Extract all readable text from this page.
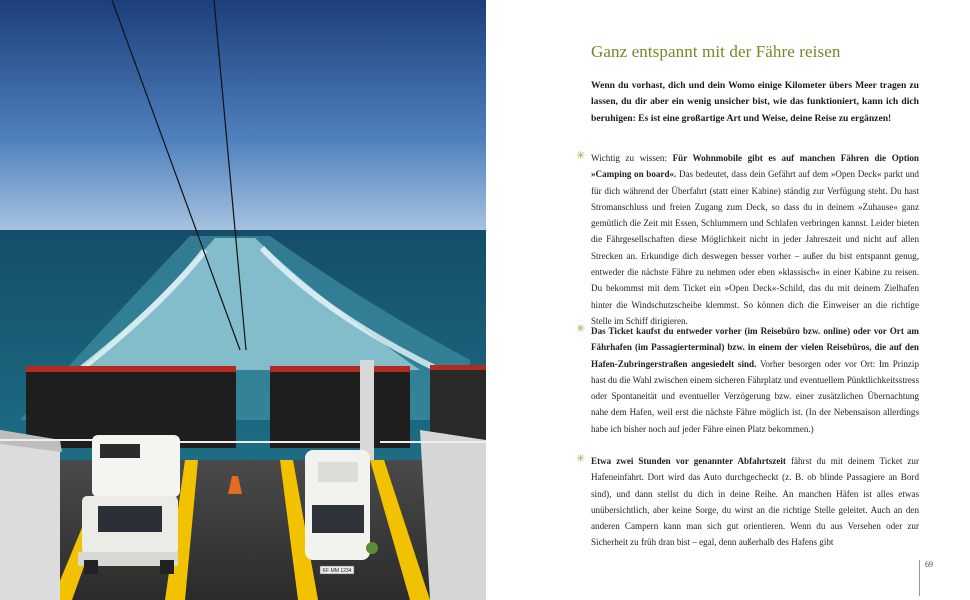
KF·MM 1234
Ganz entspannt mit der Fähre reisen
Wenn du vorhast, dich und dein Womo einige Kilometer übers Meer tragen zu lassen, du dir aber ein wenig unsicher bist, wie das funktioniert, kann ich dich beruhigen: Es ist eine großartige Art und Weise, deine Reise zu ergänzen!
✳ Wichtig zu wissen: Für Wohnmobile gibt es auf manchen Fähren die Option »Camping on board«. Das bedeutet, dass dein Gefährt auf dem »Open Deck« parkt und für dich während der Überfahrt (statt einer Kabine) ständig zur Verfügung steht. Du hast Stromanschluss und freien Zugang zum Deck, so dass du in deinem »Zuhause« ganz gemütlich die Zeit mit Essen, Schlummern und Schlafen verbringen kannst. Leider bieten die Fährgesellschaften diese Möglichkeit nicht in jeder Jahreszeit und nicht auf allen Strecken an. Erkundige dich deswegen besser vorher – außer du bist entspannt genug, entweder die nächste Fähre zu nehmen oder eben »klassisch« in einer Kabine zu reisen. Du bekommst mit dem Ticket ein »Open Deck«-Schild, das du mit deinem Zielhafen hinter die Windschutzscheibe klemmst. So können dich die Einweiser an die richtige Stelle im Schiff dirigieren.
✳ Das Ticket kaufst du entweder vorher (im Reisebüro bzw. online) oder vor Ort am Fährhafen (im Passagierterminal) bzw. in einem der vielen Reisebüros, die auf den Hafen-Zubringerstraßen angesiedelt sind. Vorher besorgen oder vor Ort: Im Prinzip hast du die Wahl zwischen einem sicheren Fährplatz und eventuellem Pünktlichkeitsstress oder Spontaneität und eventueller Verzögerung bzw. einer zusätzlichen Übernachtung nahe dem Hafen, weil erst die nächste Fähre möglich ist. (In der Nebensaison allerdings habe ich bisher noch auf jeder Fähre einen Platz bekommen.)
✳ Etwa zwei Stunden vor genannter Abfahrtszeit fährst du mit deinem Ticket zur Hafeneinfahrt. Dort wird das Auto durchgecheckt (z. B. ob blinde Passagiere an Bord sind), und dann stellst du dich in deine Reihe. An manchen Häfen ist alles etwas unübersichtlich, aber keine Sorge, du wirst an die richtige Stelle geleitet. Auch an den anderen Campern kann man sich gut orientieren. Wenn du aus Versehen oder zur Sicherheit zu früh dran bist – egal, denn außerhalb des Hafens gibt
69
